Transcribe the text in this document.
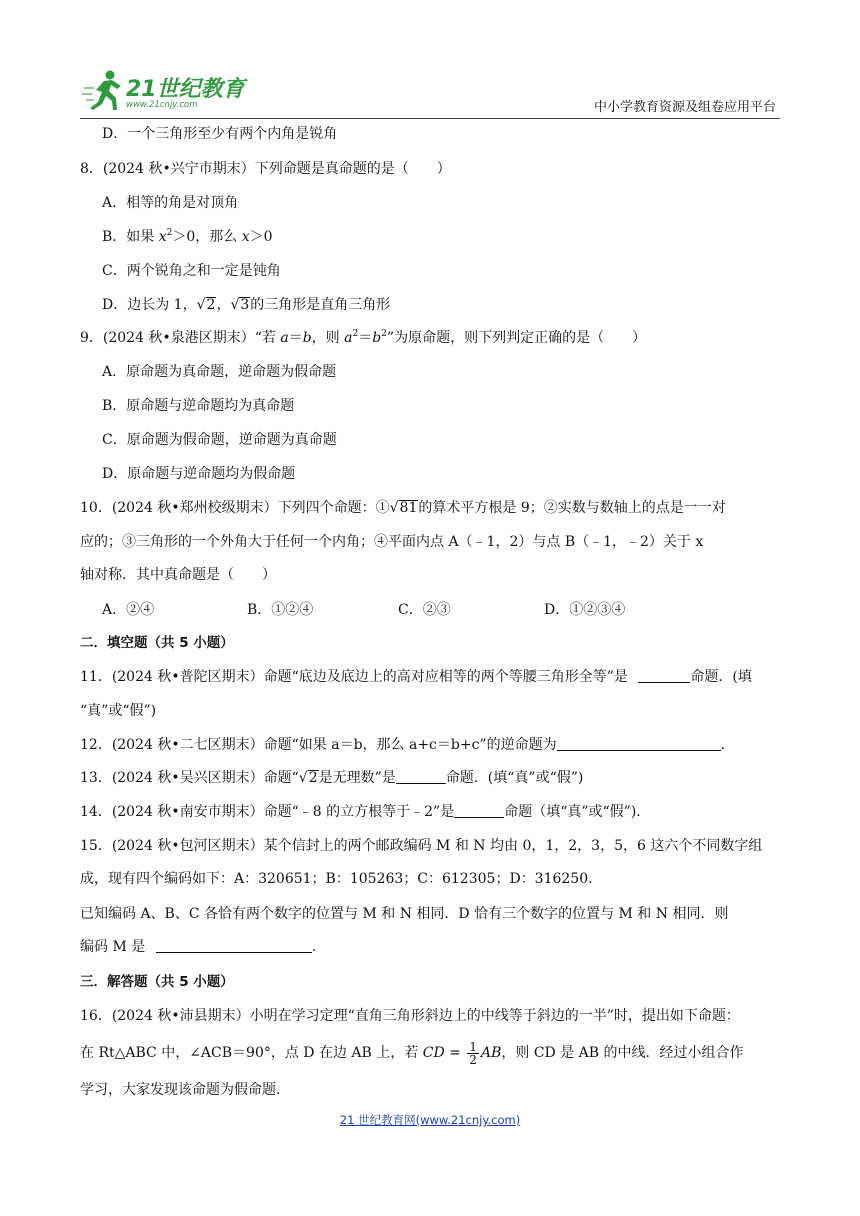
21世纪教育
www.21cnjy.com	中小学教育资源及组卷应用平台
D．一个三角形至少有两个内角是锐角
8．(2024 秋•兴宁市期末）下列命题是真命题的是（　　）
A．相等的角是对顶角
B．如果 $x^2>0$，那么 x＞0
C．两个锐角之和一定是钝角
D．边长为 1，√2，√3的三角形是直角三角形
9．(2024 秋•泉港区期末）“若 a＝b，则 $a^2=b^2$”为原命题，则下列判定正确的是（　　）
A．原命题为真命题，逆命题为假命题
B．原命题与逆命题均为真命题
C．原命题为假命题，逆命题为真命题
D．原命题与逆命题均为假命题
10．(2024 秋•郑州校级期末）下列四个命题：①√81的算术平方根是 9；②实数与数轴上的点是一一对
应的；③三角形的一个外角大于任何一个内角；④平面内点 A（﹣1，2）与点 B（﹣1，﹣2）关于 x
轴对称．其中真命题是（　　）
A．②④	B．①②④	C．②③	D．①②③④
二．填空题（共 5 小题）
11．(2024 秋•普陀区期末）命题“底边及底边上的高对应相等的两个等腰三角形全等”是	命题．(填
“真”或“假”)
12．(2024 秋•二七区期末）命题“如果 a＝b，那么 a+c＝b+c”的逆命题为	.
13．(2024 秋•吴兴区期末）命题“√2是无理数”是	命题．(填“真”或“假”)
14．(2024 秋•南安市期末）命题“﹣8 的立方根等于﹣2”是	命题（填“真”或“假”).
15．(2024 秋•包河区期末）某个信封上的两个邮政编码 M 和 N 均由 0，1，2，3，5，6 这六个不同数字组
成，现有四个编码如下：A：320651；B：105263；C：612305；D：316250.
已知编码 A、B、C 各恰有两个数字的位置与 M 和 N 相同．D 恰有三个数字的位置与 M 和 N 相同．则
编码 M 是	.
三．解答题（共 5 小题）
16．(2024 秋•沛县期末）小明在学习定理“直角三角形斜边上的中线等于斜边的一半”时，提出如下命题：
在 Rt△ABC 中，∠ACB＝90°，点 D 在边 AB 上，若 CD = $\frac{1}{2}$ AB，则 CD 是 AB 的中线．经过小组合作
学习，大家发现该命题为假命题．
21 世纪教育网(www.21cnjy.com)
